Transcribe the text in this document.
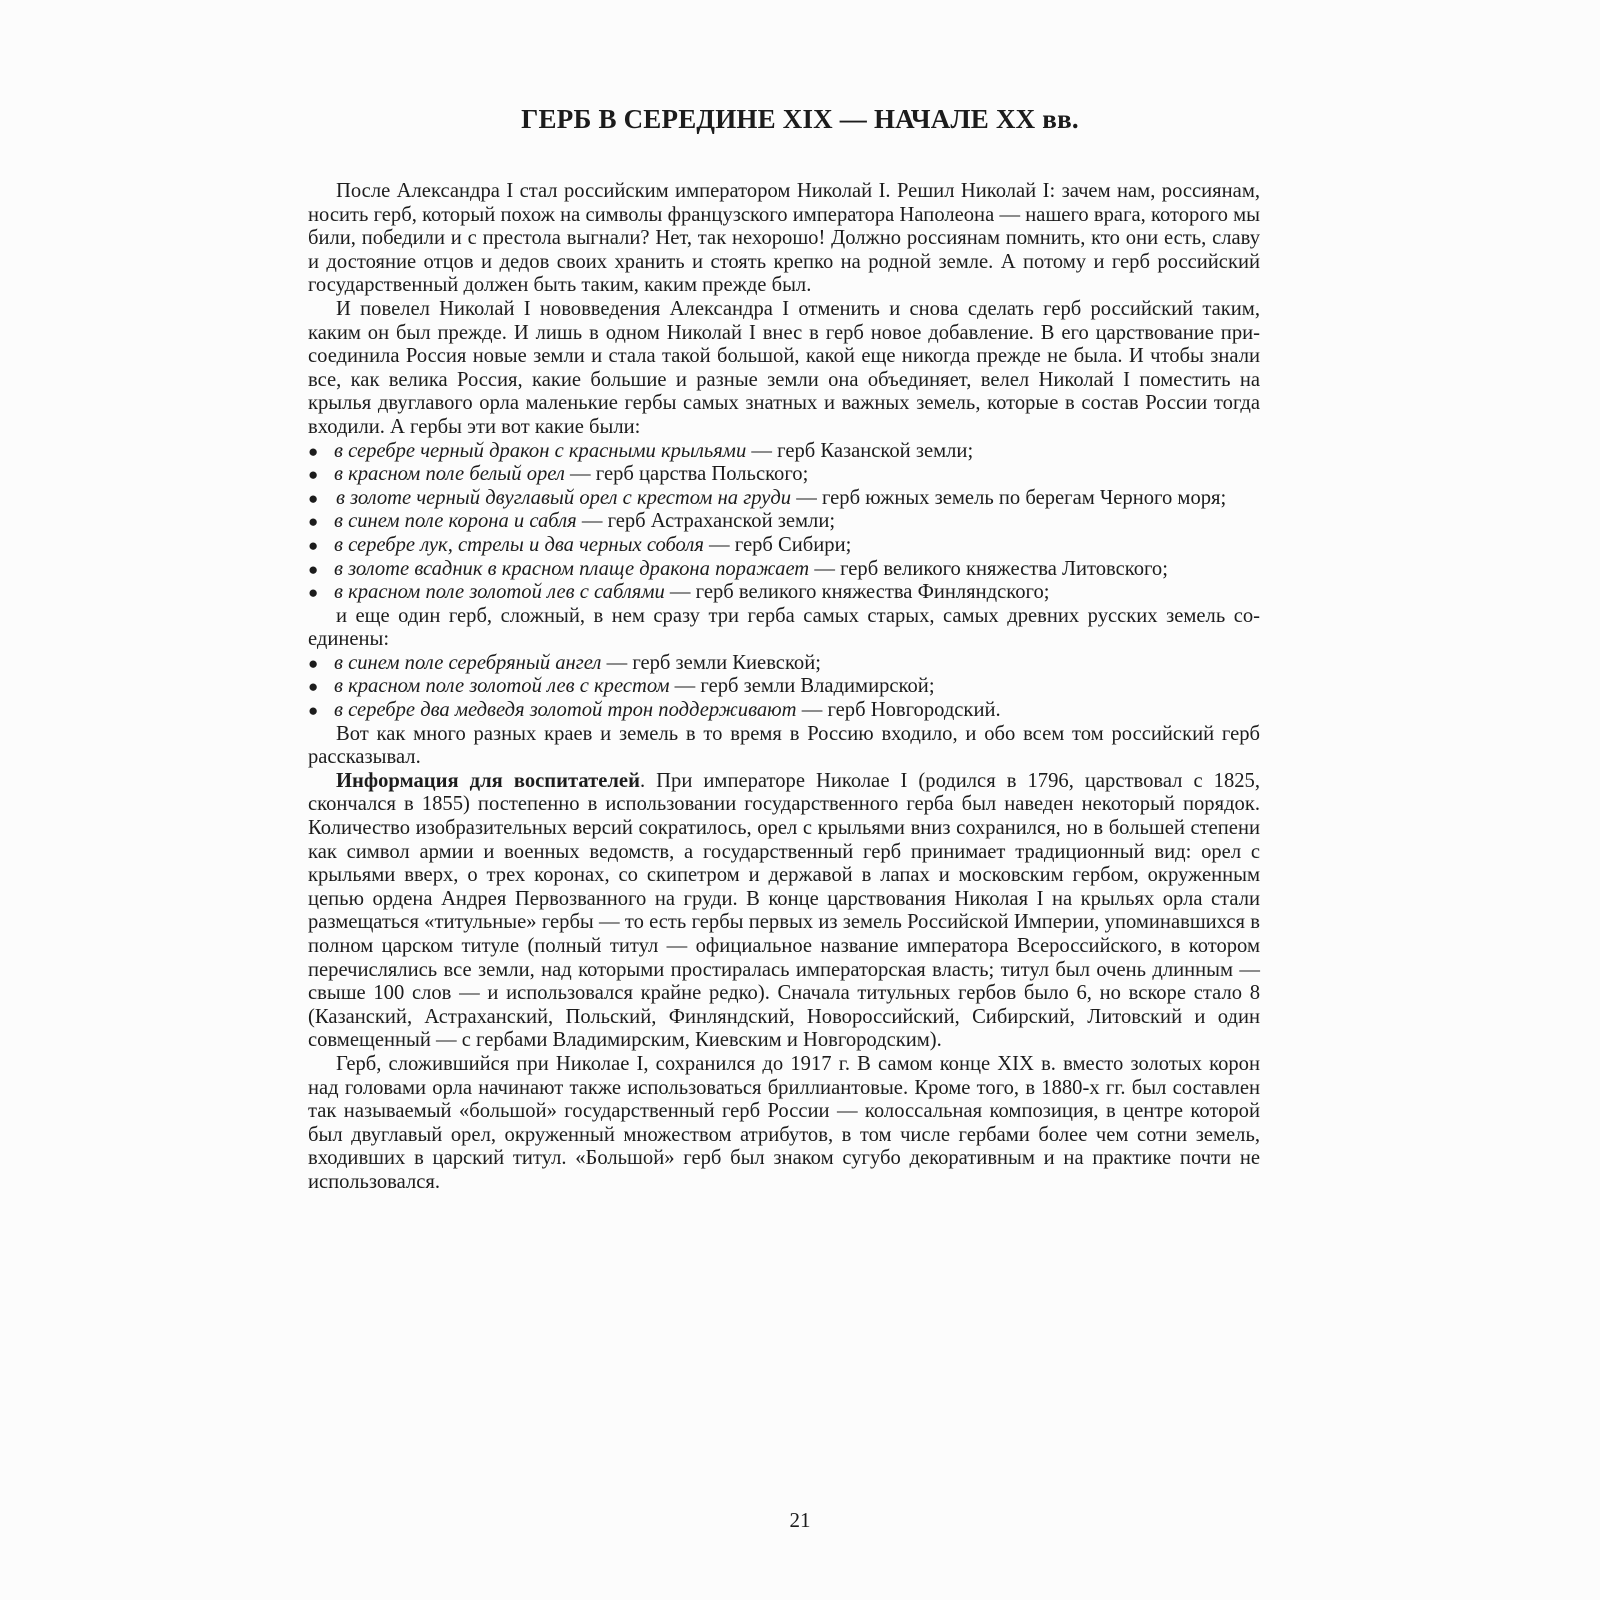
ГЕРБ В СЕРЕДИНЕ XIX — НАЧАЛЕ XX вв.

После Александра I стал российским императором Николай I. Решил Николай I: зачем нам, россиянам, носить герб, который похож на символы французского императора Наполеона — нашего врага, которого мы били, победили и с престола выгнали? Нет, так нехорошо! Должно россиянам помнить, кто они есть, славу и достояние отцов и дедов своих хранить и стоять крепко на родной земле. А потому и герб российский государственный должен быть таким, каким прежде был.

И повелел Николай I нововведения Александра I отменить и снова сделать герб российский таким, каким он был прежде. И лишь в одном Николай I внес в герб новое добавление. В его царствование присоединила Россия новые земли и стала такой большой, какой еще никогда прежде не была. И чтобы знали все, как велика Россия, какие большие и разные земли она объединяет, велел Николай I поместить на крылья двуглавого орла маленькие гербы самых знатных и важных земель, которые в состав России тогда входили. А гербы эти вот какие были:

● в серебре черный дракон с красными крыльями — герб Казанской земли;
● в красном поле белый орел — герб царства Польского;
● в золоте черный двуглавый орел с крестом на груди — герб южных земель по берегам Черного моря;
● в синем поле корона и сабля — герб Астраханской земли;
● в серебре лук, стрелы и два черных соболя — герб Сибири;
● в золоте всадник в красном плаще дракона поражает — герб великого княжества Литовского;
● в красном поле золотой лев с саблями — герб великого княжества Финляндского;

и еще один герб, сложный, в нем сразу три герба самых старых, самых древних русских земель соединены:

● в синем поле серебряный ангел — герб земли Киевской;
● в красном поле золотой лев с крестом — герб земли Владимирской;
● в серебре два медведя золотой трон поддерживают — герб Новгородский.

Вот как много разных краев и земель в то время в Россию входило, и обо всем том российский герб рассказывал.

Информация для воспитателей. При императоре Николае I (родился в 1796, царствовал с 1825, скончался в 1855) постепенно в использовании государственного герба был наведен некоторый порядок. Количество изобразительных версий сократилось, орел с крыльями вниз сохранился, но в большей степени как символ армии и военных ведомств, а государственный герб принимает традиционный вид: орел с крыльями вверх, о трех коронах, со скипетром и державой в лапах и московским гербом, окруженным цепью ордена Андрея Первозванного на груди. В конце царствования Николая I на крыльях орла стали размещаться «титульные» гербы — то есть гербы первых из земель Российской Империи, упоминавшихся в полном царском титуле (полный титул — официальное название императора Всероссийского, в котором перечислялись все земли, над которыми простиралась императорская власть; титул был очень длинным — свыше 100 слов — и использовался крайне редко). Сначала титульных гербов было 6, но вскоре стало 8 (Казанский, Астраханский, Польский, Финляндский, Новороссийский, Сибирский, Литовский и один совмещенный — с гербами Владимирским, Киевским и Новгородским).

Герб, сложившийся при Николае I, сохранился до 1917 г. В самом конце XIX в. вместо золотых корон над головами орла начинают также использоваться бриллиантовые. Кроме того, в 1880-х гг. был составлен так называемый «большой» государственный герб России — колоссальная композиция, в центре которой был двуглавый орел, окруженный множеством атрибутов, в том числе гербами более чем сотни земель, входивших в царский титул. «Большой» герб был знаком сугубо декоративным и на практике почти не использовался.

21
